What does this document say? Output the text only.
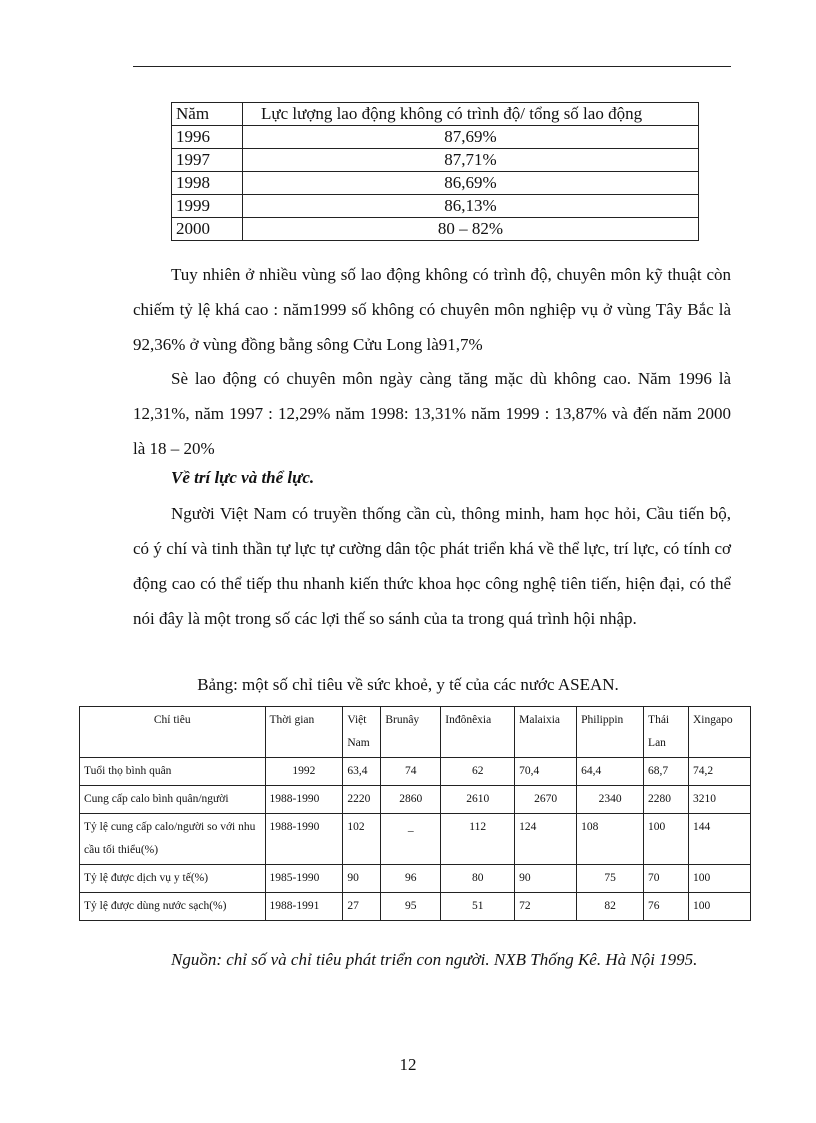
Năm	Lực lượng lao động không có trình độ/ tổng số lao động
1996	87,69%
1997	87,71%
1998	86,69%
1999	86,13%
2000	80 – 82%

Tuy nhiên ở nhiều vùng số lao động không có trình độ, chuyên môn kỹ thuật còn chiếm tỷ lệ khá cao : năm1999 số không có chuyên môn nghiệp vụ ở vùng Tây Bắc là 92,36% ở vùng đồng bằng sông Cửu Long là91,7%

Sè lao động có chuyên môn ngày càng tăng mặc dù không cao. Năm 1996 là 12,31%, năm 1997 : 12,29% năm 1998: 13,31% năm 1999 : 13,87% và đến năm 2000 là 18 – 20%

Về trí lực và thể lực.

Người Việt Nam có truyền thống cần cù, thông minh, ham học hỏi, Cầu tiến bộ, có ý chí và tinh thần tự lực tự cường dân tộc phát triển khá về thể lực, trí lực, có tính cơ động cao có thể tiếp thu nhanh kiến thức khoa học công nghệ tiên tiến, hiện đại, có thể nói đây là một trong số các lợi thế so sánh của ta trong quá trình hội nhập.

Bảng: một số chỉ tiêu về sức khoẻ, y tế của các nước ASEAN.

Chỉ tiêu	Thời gian	Việt Nam	Brunây	Inđônêxia	Malaixia	Philippin	Thái Lan	Xingapo
Tuổi thọ bình quân	1992	63,4	74	62	70,4	64,4	68,7	74,2
Cung cấp calo bình quân/người	1988-1990	2220	2860	2610	2670	2340	2280	3210
Tỷ lệ cung cấp calo/người so với nhu cầu tối thiểu(%)	1988-1990	102	_	112	124	108	100	144
Tỷ lệ được dịch vụ y tế(%)	1985-1990	90	96	80	90	75	70	100
Tỷ lệ được dùng nước sạch(%)	1988-1991	27	95	51	72	82	76	100

Nguồn: chỉ số và chỉ tiêu phát triển con người. NXB Thống Kê. Hà Nội 1995.

12
